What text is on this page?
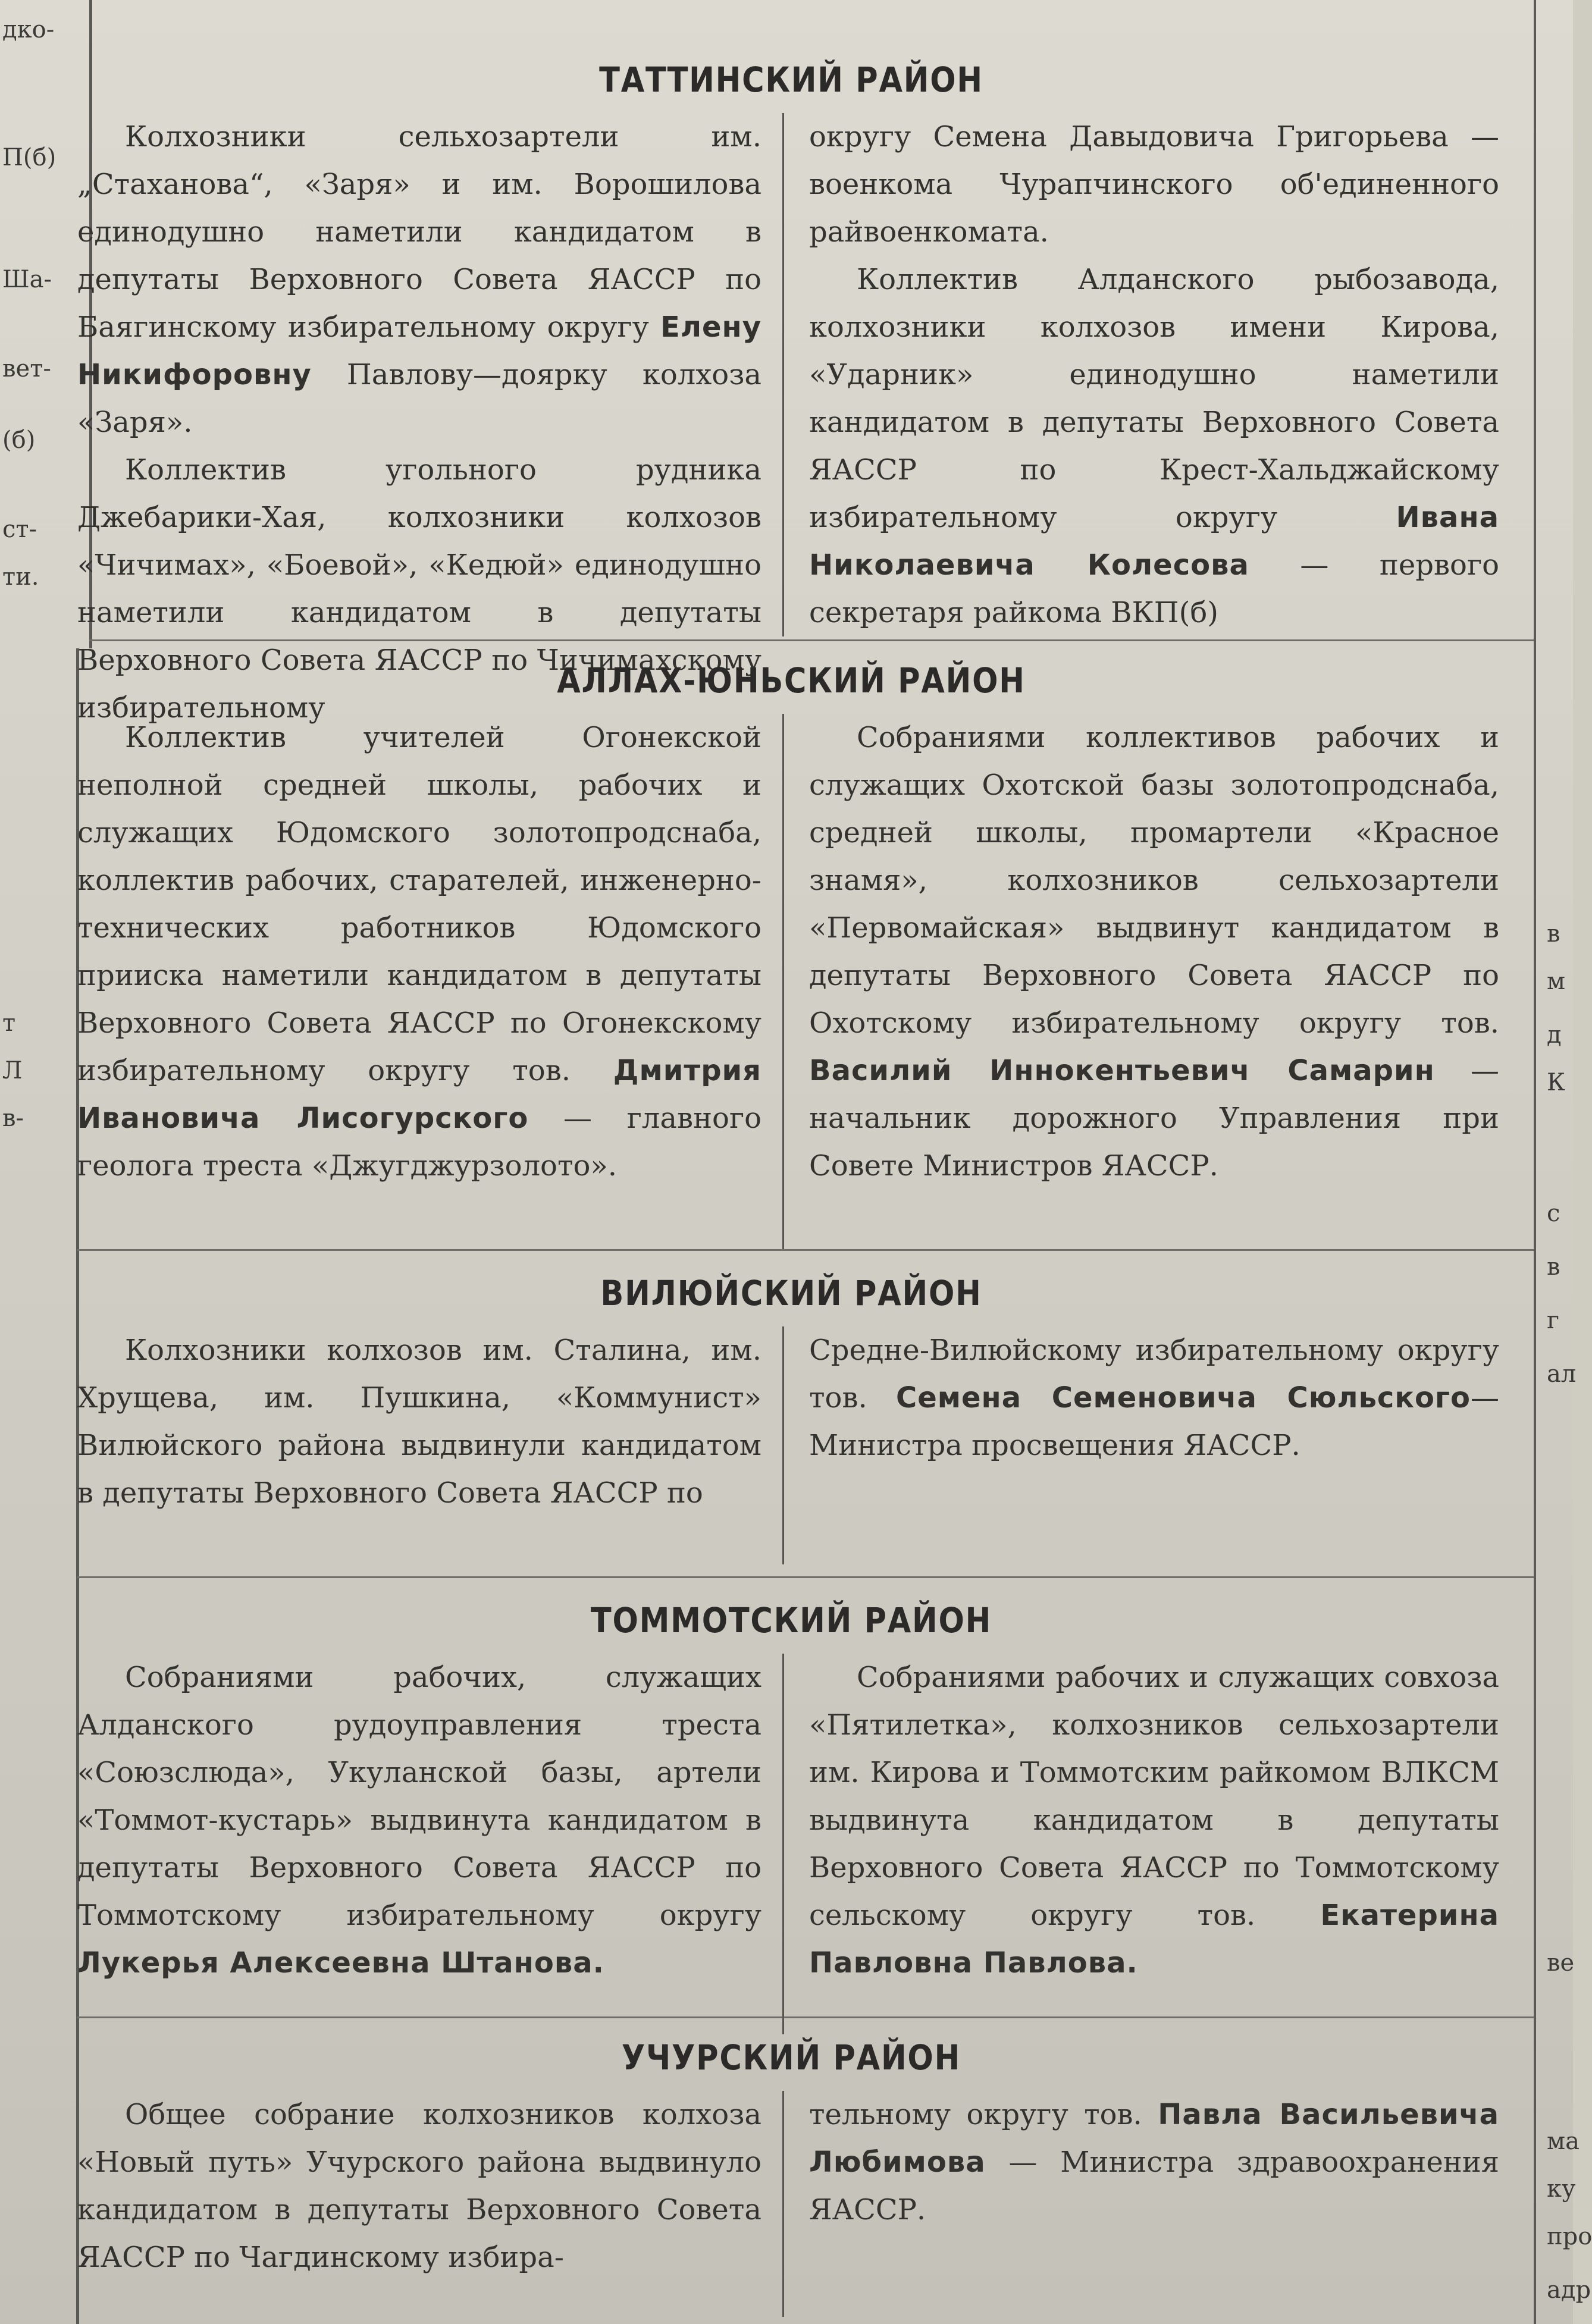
дко-
П(б)
Ша-
вет-
(б)
ст-
ти.
т
Л
в-
в
м
д
К
с
в
г
ал
ве
ма
ку
про
адр
ТАТТИНСКИЙ РАЙОН

Колхозники сельхозартели им. „Стаханова“, «Заря» и им. Ворошилова единодушно наметили кандидатом в депутаты Верховного Совета ЯАССР по Баягинскому избирательному округу Елену Никифоровну Павлову—доярку колхоза «Заря».

Коллектив угольного рудника Джебарики-Хая, колхозники колхозов «Чичимах», «Боевой», «Кедюй» единодушно наметили кандидатом в депутаты Верховного Совета ЯАССР по Чичимахскому избирательному

округу Семена Давыдовича Григорьева — военкома Чурапчинского об'единенного райвоенкомата.

Коллектив Алданского рыбозавода, колхозники колхозов имени Кирова, «Ударник» единодушно наметили кандидатом в депутаты Верховного Совета ЯАССР по Крест-Хальджайскому избирательному округу Ивана Николаевича Колесова — первого секретаря райкома ВКП(б)

АЛЛАХ-ЮНЬСКИЙ РАЙОН

Коллектив учителей Огонекской неполной средней школы, рабочих и служащих Юдомского золотопродснаба, коллектив рабочих, старателей, инженерно-технических работников Юдомского прииска наметили кандидатом в депутаты Верховного Совета ЯАССР по Огонекскому избирательному округу тов. Дмитрия Ивановича Лисогурского — главного геолога треста «Джугджурзолото».

Собраниями коллективов рабочих и служащих Охотской базы золотопродснаба, средней школы, промартели «Красное знамя», колхозников сельхозартели «Первомайская» выдвинут кандидатом в депутаты Верховного Совета ЯАССР по Охотскому избирательному округу тов. Василий Иннокентьевич Самарин — начальник дорожного Управления при Совете Министров ЯАССР.

ВИЛЮЙСКИЙ РАЙОН

Колхозники колхозов им. Сталина, им. Хрущева, им. Пушкина, «Коммунист» Вилюйского района выдвинули кандидатом в депутаты Верховного Совета ЯАССР по

Средне-Вилюйскому избирательному округу тов. Семена Семеновича Сюльского— Министра просвещения ЯАССР.

ТОММОТСКИЙ РАЙОН

Собраниями рабочих, служащих Алданского рудоуправления треста «Союзслюда», Укуланской базы, артели «Томмот-кустарь» выдвинута кандидатом в депутаты Верховного Совета ЯАССР по Томмотскому избирательному округу Лукерья Алексеевна Штанова.

Собраниями рабочих и служащих совхоза «Пятилетка», колхозников сельхозартели им. Кирова и Томмотским райкомом ВЛКСМ выдвинута кандидатом в депутаты Верховного Совета ЯАССР по Томмотскому сельскому округу тов. Екатерина Павловна Павлова.

УЧУРСКИЙ РАЙОН

Общее собрание колхозников колхоза «Новый путь» Учурского района выдвинуло кандидатом в депутаты Верховного Совета ЯАССР по Чагдинскому избира-

тельному округу тов. Павла Васильевича Любимова — Министра здравоохранения ЯАССР.
